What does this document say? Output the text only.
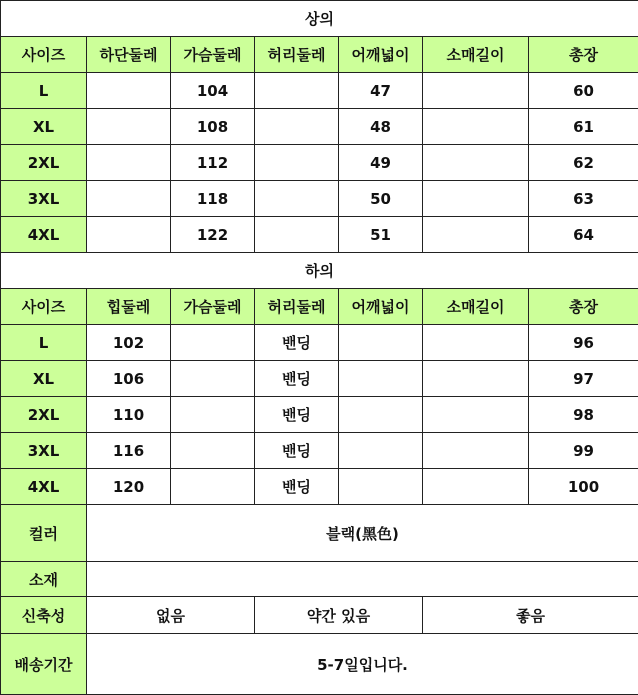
상의						
사이즈	하단둘레	가슴둘레	허리둘레	어깨넓이	소매길이	총장
L		104		47		60
XL		108		48		61
2XL		112		49		62
3XL		118		50		63
4XL		122		51		64
하의						
사이즈	힙둘레	가슴둘레	허리둘레	어깨넓이	소매길이	총장
L	102		밴딩			96
XL	106		밴딩			97
2XL	110		밴딩			98
3XL	116		밴딩			99
4XL	120		밴딩			100
컬러	블랙(黑色)					
소재						
신축성	없음		약간 있음		좋음	
배송기간	5-7일입니다.					
